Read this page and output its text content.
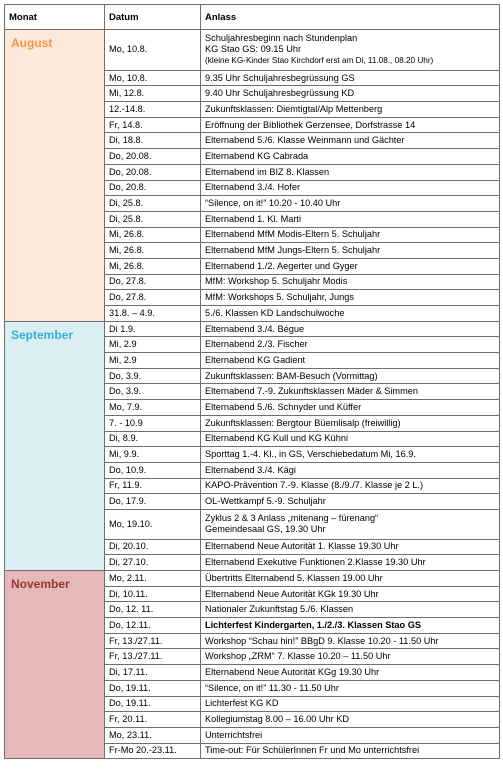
Monat	Datum	Anlass
August	Mo, 10.8.	Schuljahresbeginn nach Stundenplan
KG Stao GS: 09.15 Uhr
(kleine KG-Kinder Stao Kirchdorf erst am Di, 11.08., 08.20 Uhr)

	Mo, 10.8.	9.35 Uhr Schuljahresbegrüssung GS

	Mi, 12.8.	9.40 Uhr Schuljahresbegrüssung KD

	12.-14.8.	Zukunftsklassen: Diemtigtal/Alp Mettenberg

	Fr, 14.8.	Eröffnung der Bibliothek Gerzensee, Dorfstrasse 14

	Di, 18.8.	Elternabend 5./6. Klasse Weinmann und Gächter

	Do, 20.08.	Elternabend KG Cabrada

	Do, 20.08.	Elternabend im BIZ 8. Klassen

	Do, 20.8.	Elternabend 3./4. Hofer

	Di, 25.8.	“Silence, on it!” 10.20 - 10.40 Uhr

	Di, 25.8.	Elternabend 1. Kl. Marti

	Mi, 26.8.	Elternabend MfM Modis-Eltern 5. Schuljahr

	Mi, 26.8.	Elternabend MfM Jungs-Eltern 5. Schuljahr

	Mi, 26.8.	Elternabend 1./2. Aegerter und Gyger

	Do, 27.8.	MfM: Workshop 5. Schuljahr Modis

	Do, 27.8.	MfM: Workshops 5. Schuljahr, Jungs

	31.8. – 4.9.	5./6. Klassen KD Landschulwoche

September	Di 1.9.	Elternabend 3./4. Bégue

	Mi, 2.9	Elternabend 2./3. Fischer

	Mi, 2.9	Elternabend KG Gadient

	Do, 3.9.	Zukunftsklassen: BAM-Besuch (Vormittag)

	Do, 3.9.	Elternabend 7.-9. Zukunftsklassen Mäder & Simmen

	Mo, 7.9.	Elternabend 5./6. Schnyder und Küffer

	7. - 10.9	Zukunftsklassen: Bergtour Büemlisalp (freiwillig)

	Di, 8.9.	Elternabend KG Kull und KG Kühni

	Mi, 9.9.	Sporttag 1.-4. Kl., in GS, Verschiebedatum Mi, 16.9.

	Do, 10.9.	Elternabend 3./4. Kägi

	Fr, 11.9.	KAPO-Prävention 7.-9. Klasse (8./9./7. Klasse je 2 L.)

	Do, 17.9.	OL-Wettkampf 5.-9. Schuljahr

	Mo, 19.10.	Zyklus 2 & 3 Anlass „mitenang – fürenang“
Gemeindesaal GS, 19.30 Uhr

	Di, 20.10.	Elternabend Neue Autorität 1. Klasse 19.30 Uhr

	Di, 27.10.	Elternabend Exekutive Funktionen 2.Klasse 19.30 Uhr

November	Mo, 2.11.	Übertritts Elternabend 5. Klassen 19.00 Uhr

	Di, 10.11.	Elternabend Neue Autorität KGk 19.30 Uhr

	Do, 12. 11.	Nationaler Zukunftstag 5./6. Klassen

	Do, 12.11.	Lichterfest Kindergarten, 1./2./3. Klassen Stao GS

	Fr, 13./27.11.	Workshop “Schau hin!” BBgD 9. Klasse 10.20 - 11.50 Uhr

	Fr, 13./27.11.	Workshop „ZRM“ 7. Klasse 10.20 – 11.50 Uhr

	Di, 17.11.	Elternabend Neue Autorität KGg 19.30 Uhr

	Do, 19.11.	“Silence, on it!” 11.30 - 11.50 Uhr

	Do, 19.11.	Lichterfest KG KD

	Fr, 20.11.	Kollegiumstag 8.00 – 16.00 Uhr KD

	Mo, 23.11.	Unterrichtsfrei

	Fr-Mo 20.-23.11.	Time-out: Für SchülerInnen Fr und Mo unterrichtsfrei
